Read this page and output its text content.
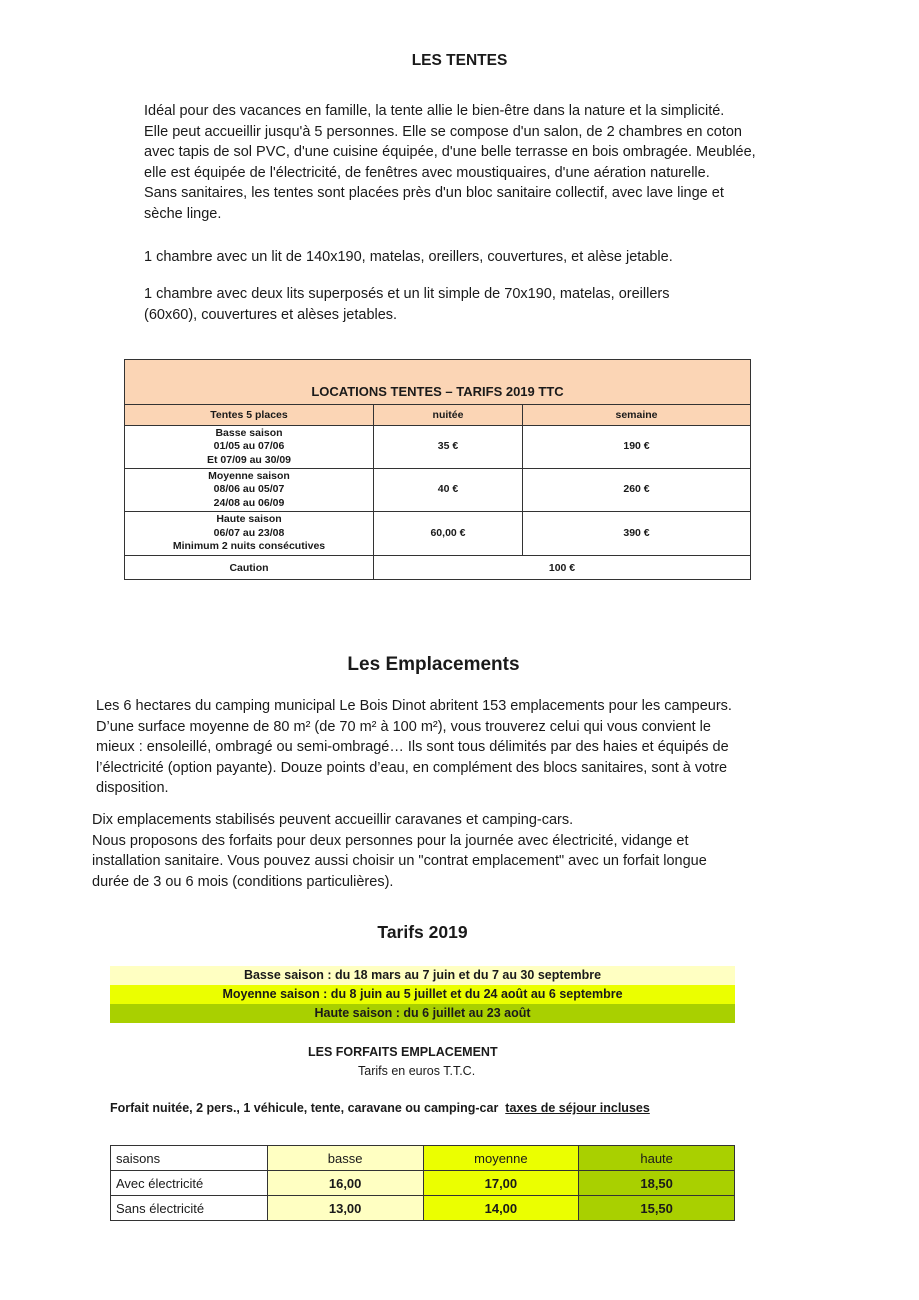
LES TENTES

Idéal pour des vacances en famille, la tente allie le bien-être dans la nature et la simplicité.

Elle peut accueillir jusqu'à 5 personnes. Elle se compose d'un salon, de 2 chambres en coton

avec tapis de sol PVC, d'une cuisine équipée, d'une belle terrasse en bois ombragée. Meublée,

elle est équipée de l'électricité, de fenêtres avec moustiquaires, d'une aération naturelle.

Sans sanitaires, les tentes sont placées près d'un bloc sanitaire collectif, avec lave linge et

sèche linge.

1 chambre avec un lit de 140x190, matelas, oreillers, couvertures, et alèse jetable.

1 chambre avec deux lits superposés et un lit simple de 70x190, matelas, oreillers

(60x60), couvertures et alèses jetables.

LOCATIONS TENTES – TARIFS 2019 TTC		
Tentes 5 places	nuitée	semaine

Basse saison
01/05 au 07/06
Et 07/09 au 30/09	35 €	190 €

Moyenne saison
08/06 au 05/07
24/08 au 06/09	40 €	260 €

Haute saison
06/07 au 23/08
Minimum 2 nuits consécutives	60,00 €	390 €
Caution	100 €	
Les Emplacements

Les 6 hectares du camping municipal Le Bois Dinot abritent 153 emplacements pour les campeurs.

D’une surface moyenne de 80 m² (de 70 m² à 100 m²), vous trouverez celui qui vous convient le

mieux : ensoleillé, ombragé ou semi-ombragé… Ils sont tous délimités par des haies et équipés de

l’électricité (option payante). Douze points d’eau, en complément des blocs sanitaires, sont à votre

disposition.

Dix emplacements stabilisés peuvent accueillir caravanes et camping-cars.

Nous proposons des forfaits pour deux personnes pour la journée avec électricité, vidange et

installation sanitaire. Vous pouvez aussi choisir un "contrat emplacement" avec un forfait longue

durée de 3 ou 6 mois (conditions particulières).

Tarifs 2019
Basse saison : du 18 mars au 7 juin et du 7 au 30 septembre
Moyenne saison : du 8 juin au 5 juillet et du 24 août au 6 septembre
Haute saison : du 6 juillet au 23 août
LES FORFAITS EMPLACEMENT
Tarifs en euros T.T.C.
Forfait nuitée, 2 pers., 1 véhicule, tente, caravane ou camping-car taxes de séjour incluses
saisons	basse	moyenne	haute
Avec électricité	16,00	17,00	18,50
Sans électricité	13,00	14,00	15,50
